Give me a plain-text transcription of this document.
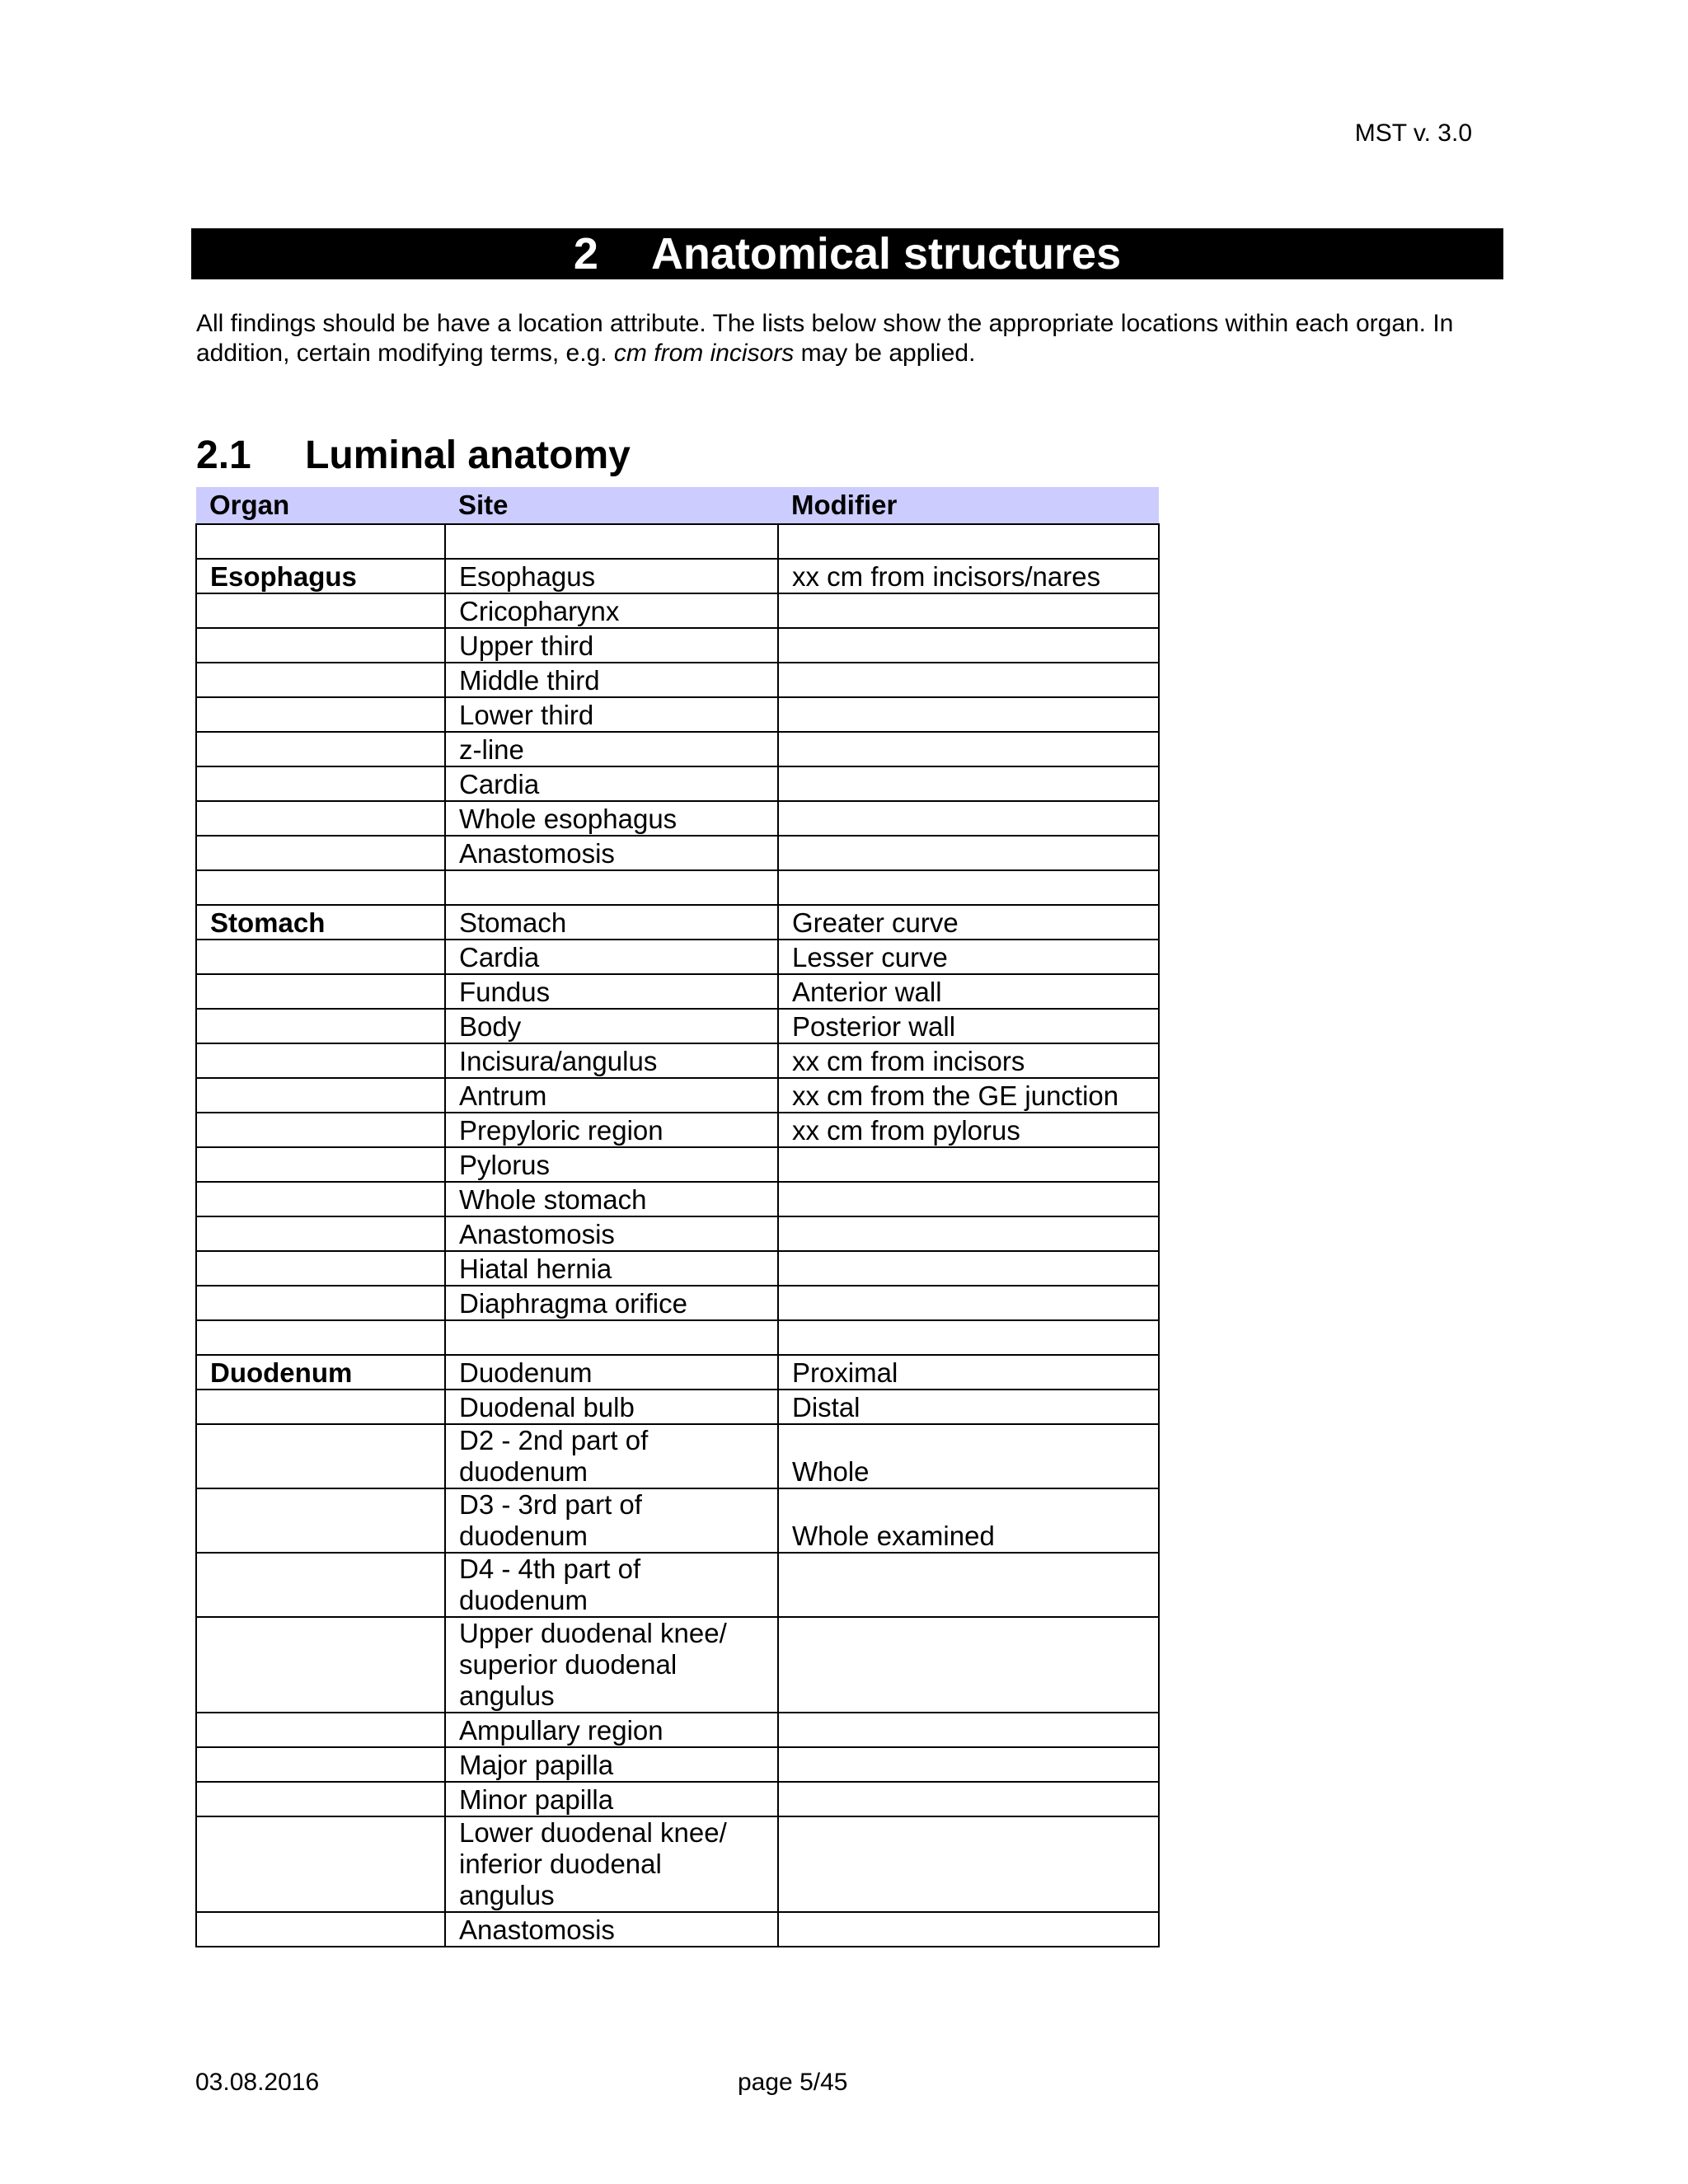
MST v. 3.0
2 Anatomical structures

All findings should be have a location attribute. The lists below show the appropriate locations within each organ. In addition, certain modifying terms, e.g. cm from incisors may be applied.

2.1 Luminal anatomy
Organ	Site	Modifier

Esophagus	Esophagus	xx cm from incisors/nares
	Cricopharynx	
	Upper third	
	Middle third	
	Lower third	
	z-line	
	Cardia	
	Whole esophagus	
	Anastomosis	

Stomach	Stomach	Greater curve
	Cardia	Lesser curve
	Fundus	Anterior wall
	Body	Posterior wall
	Incisura/angulus	xx cm from incisors
	Antrum	xx cm from the GE junction
	Prepyloric region	xx cm from pylorus
	Pylorus	
	Whole stomach	
	Anastomosis	
	Hiatal hernia	
	Diaphragma orifice	

Duodenum	Duodenum	Proximal
	Duodenal bulb	Distal
	D2 - 2nd part of duodenum	Whole
	D3 - 3rd part of duodenum	Whole examined
	D4 - 4th part of duodenum	
	Upper duodenal knee/ superior duodenal angulus	
	Ampullary region	
	Major papilla	
	Minor papilla	
	Lower duodenal knee/ inferior duodenal angulus	
	Anastomosis	
03.08.2016	page 5/45
